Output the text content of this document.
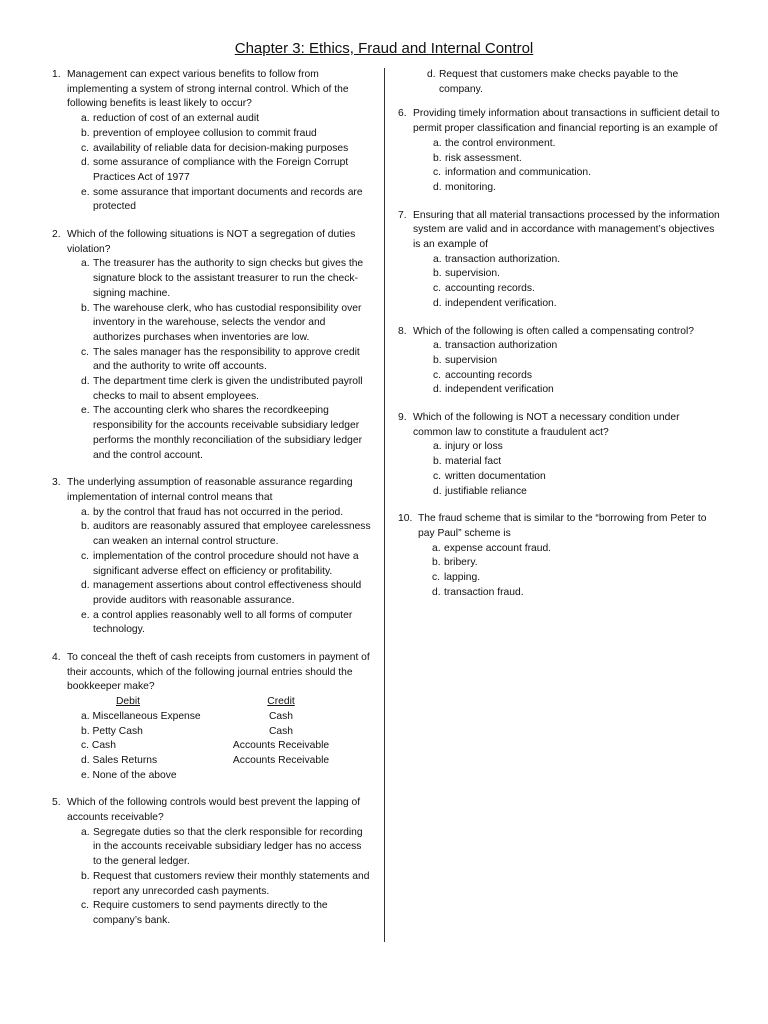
Chapter 3: Ethics, Fraud and Internal Control
1. Management can expect various benefits to follow from implementing a system of strong internal control. Which of the following benefits is least likely to occur?
a. reduction of cost of an external audit
b. prevention of employee collusion to commit fraud
c. availability of reliable data for decision-making purposes
d. some assurance of compliance with the Foreign Corrupt Practices Act of 1977
e. some assurance that important documents and records are protected
2. Which of the following situations is NOT a segregation of duties violation?
a. The treasurer has the authority to sign checks but gives the signature block to the assistant treasurer to run the check-signing machine.
b. The warehouse clerk, who has custodial responsibility over inventory in the warehouse, selects the vendor and authorizes purchases when inventories are low.
c. The sales manager has the responsibility to approve credit and the authority to write off accounts.
d. The department time clerk is given the undistributed payroll checks to mail to absent employees.
e. The accounting clerk who shares the recordkeeping responsibility for the accounts receivable subsidiary ledger performs the monthly reconciliation of the subsidiary ledger and the control account.
3. The underlying assumption of reasonable assurance regarding implementation of internal control means that
a. by the control that fraud has not occurred in the period.
b. auditors are reasonably assured that employee carelessness can weaken an internal control structure.
c. implementation of the control procedure should not have a significant adverse effect on efficiency or profitability.
d. management assertions about control effectiveness should provide auditors with reasonable assurance.
e. a control applies reasonably well to all forms of computer technology.
4. To conceal the theft of cash receipts from customers in payment of their accounts, which of the following journal entries should the bookkeeper make?
Debit	Credit
a. Miscellaneous Expense	Cash
b. Petty Cash	Cash
c. Cash	Accounts Receivable
d. Sales Returns	Accounts Receivable
e. None of the above	
5. Which of the following controls would best prevent the lapping of accounts receivable?
a. Segregate duties so that the clerk responsible for recording in the accounts receivable subsidiary ledger has no access to the general ledger.
b. Request that customers review their monthly statements and report any unrecorded cash payments.
c. Require customers to send payments directly to the company’s bank.
d. Request that customers make checks payable to the company.
6. Providing timely information about transactions in sufficient detail to permit proper classification and financial reporting is an example of
a. the control environment.
b. risk assessment.
c. information and communication.
d. monitoring.
7. Ensuring that all material transactions processed by the information system are valid and in accordance with management’s objectives is an example of
a. transaction authorization.
b. supervision.
c. accounting records.
d. independent verification.
8. Which of the following is often called a compensating control?
a. transaction authorization
b. supervision
c. accounting records
d. independent verification
9. Which of the following is NOT a necessary condition under common law to constitute a fraudulent act?
a. injury or loss
b. material fact
c. written documentation
d. justifiable reliance
10. The fraud scheme that is similar to the “borrowing from Peter to pay Paul” scheme is
a. expense account fraud.
b. bribery.
c. lapping.
d. transaction fraud.
